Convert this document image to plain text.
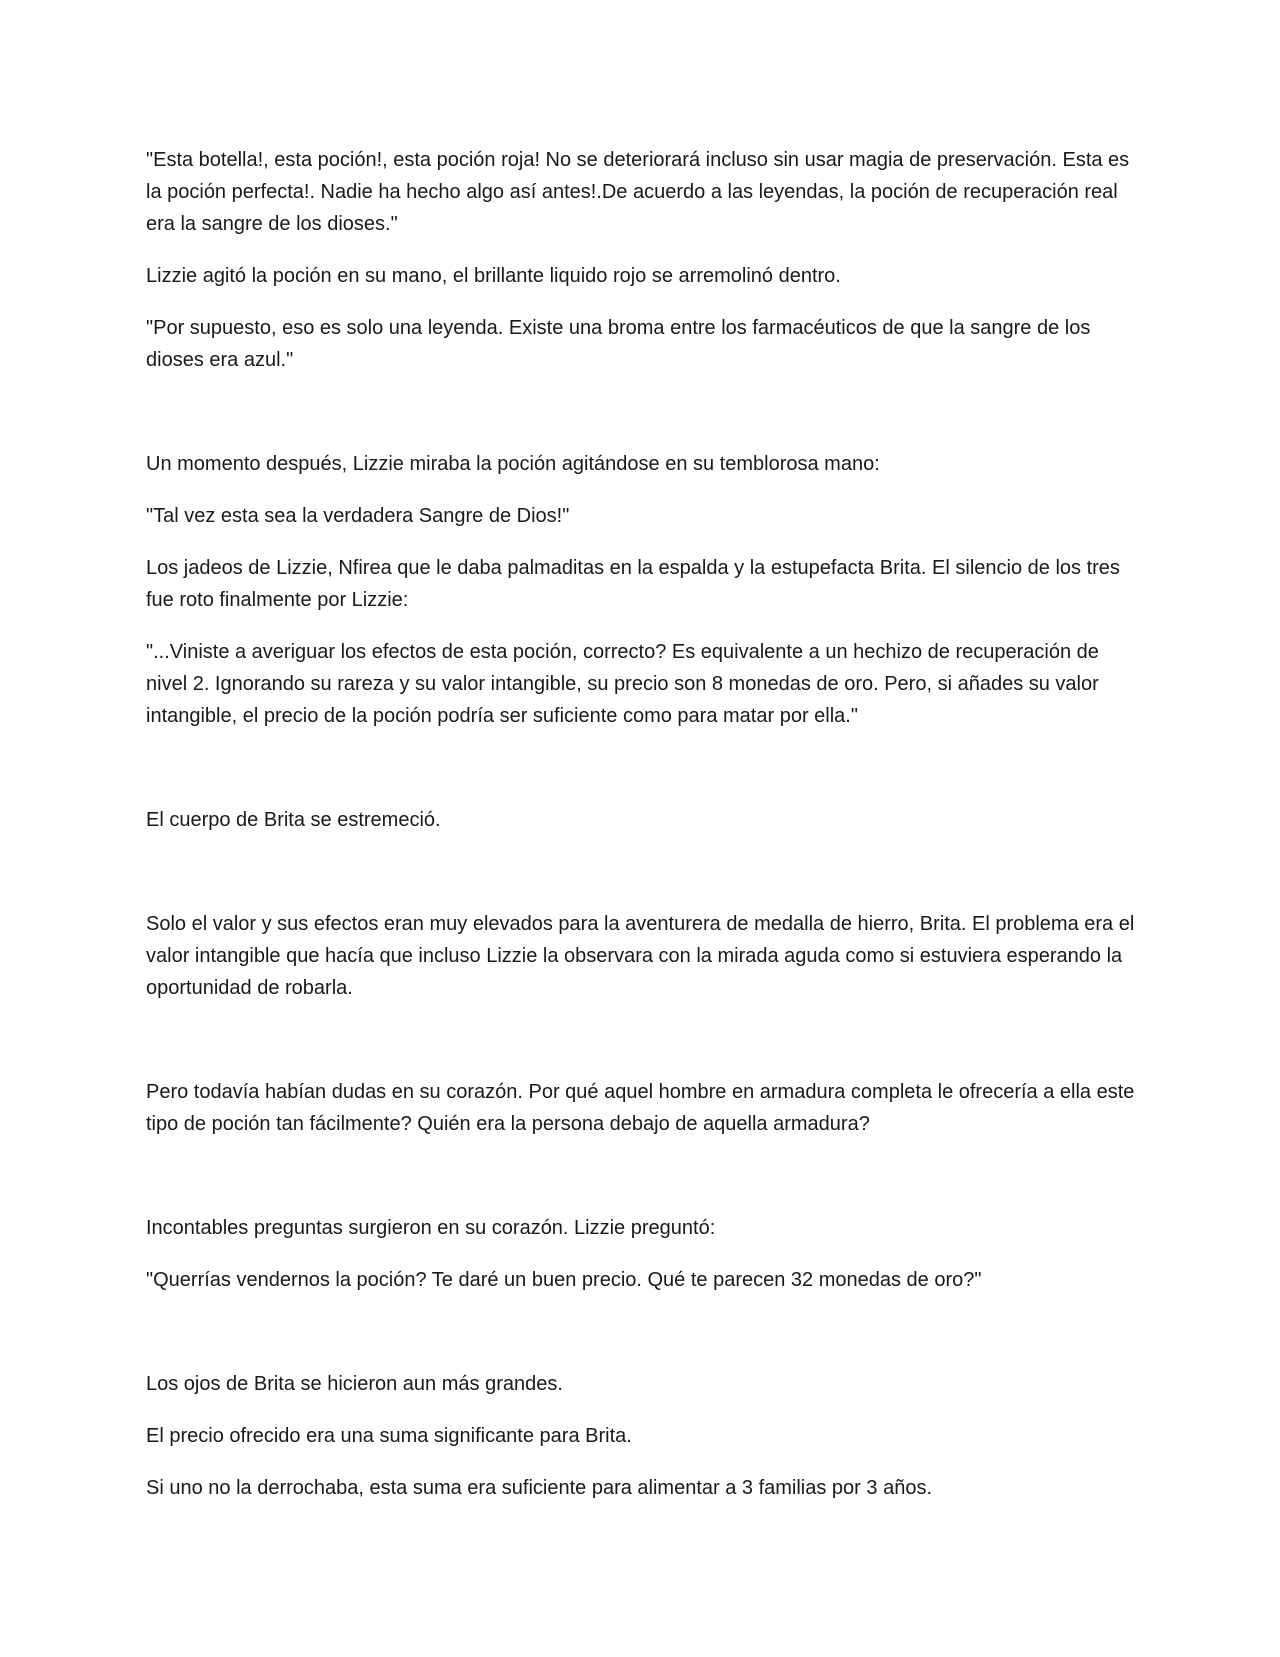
"Esta botella!, esta poción!, esta poción roja! No se deteriorará incluso sin usar magia de preservación. Esta es la poción perfecta!. Nadie ha hecho algo así antes!.De acuerdo a las leyendas, la poción de recuperación real era la sangre de los dioses."

Lizzie agitó la poción en su mano, el brillante liquido rojo se arremolinó dentro.

"Por supuesto, eso es solo una leyenda. Existe una broma entre los farmacéuticos de que la sangre de los dioses era azul."

Un momento después, Lizzie miraba la poción agitándose en su temblorosa mano:

"Tal vez esta sea la verdadera Sangre de Dios!"

Los jadeos de Lizzie, Nfirea que le daba palmaditas en la espalda y la estupefacta Brita. El silencio de los tres fue roto finalmente por Lizzie:

"...Viniste a averiguar los efectos de esta poción, correcto? Es equivalente a un hechizo de recuperación de nivel 2. Ignorando su rareza y su valor intangible, su precio son 8 monedas de oro. Pero, si añades su valor intangible, el precio de la poción podría ser suficiente como para matar por ella."

El cuerpo de Brita se estremeció.

Solo el valor y sus efectos eran muy elevados para la aventurera de medalla de hierro, Brita. El problema era el valor intangible que hacía que incluso Lizzie la observara con la mirada aguda como si estuviera esperando la oportunidad de robarla.

Pero todavía habían dudas en su corazón. Por qué aquel hombre en armadura completa le ofrecería a ella este tipo de poción tan fácilmente? Quién era la persona debajo de aquella armadura?

Incontables preguntas surgieron en su corazón. Lizzie preguntó:

"Querrías vendernos la poción? Te daré un buen precio. Qué te parecen 32 monedas de oro?"

Los ojos de Brita se hicieron aun más grandes.

El precio ofrecido era una suma significante para Brita.

Si uno no la derrochaba, esta suma era suficiente para alimentar a 3 familias por 3 años.
